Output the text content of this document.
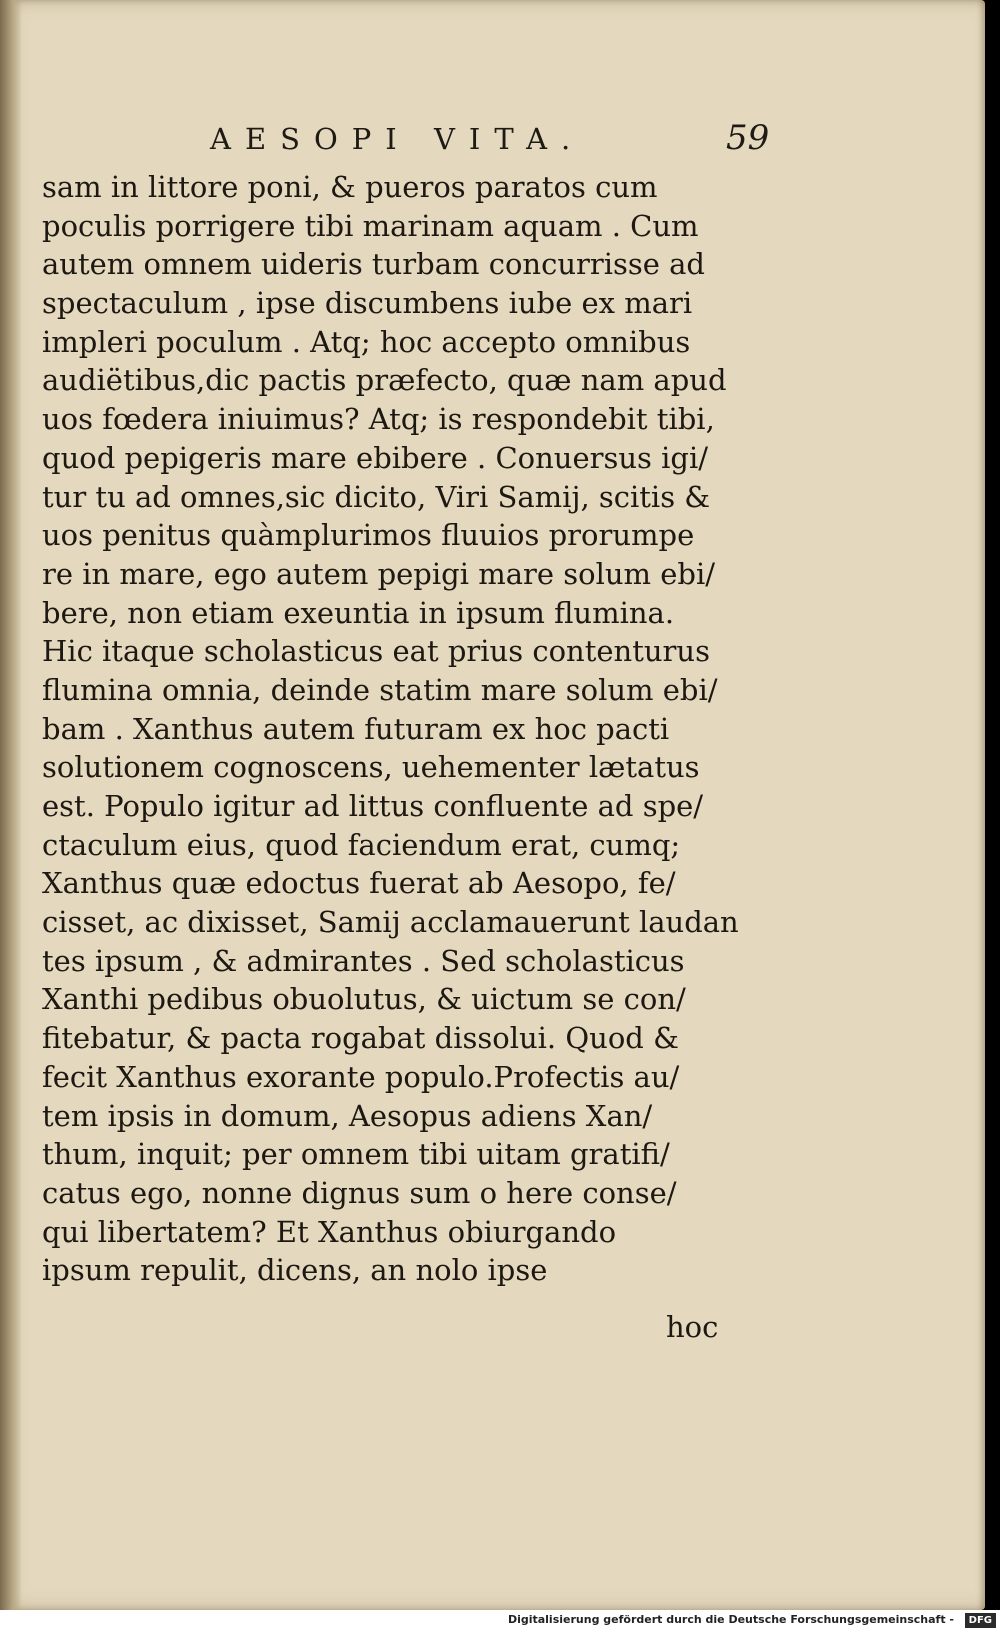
AESOPI VITA.	59
sam in littore poni, & pueros paratos cum
poculis porrigere tibi marinam aquam . Cum
autem omnem uideris turbam concurrisse ad
spectaculum , ipse discumbens iube ex mari
impleri poculum . Atq; hoc accepto omnibus
audiëtibus,dic pactis præfecto, quæ nam apud
uos fœdera iniuimus? Atq; is respondebit tibi,
quod pepigeris mare ebibere . Conuersus igi/
tur tu ad omnes,sic dicito, Viri Samij, scitis &
uos penitus quàmplurimos fluuios prorumpe
re in mare, ego autem pepigi mare solum ebi/
bere, non etiam exeuntia in ipsum flumina.
Hic itaque scholasticus eat prius contenturus
flumina omnia, deinde statim mare solum ebi/
bam . Xanthus autem futuram ex hoc pacti
solutionem cognoscens, uehementer lætatus
est. Populo igitur ad littus confluente ad spe/
ctaculum eius, quod faciendum erat, cumq;
Xanthus quæ edoctus fuerat ab Aesopo, fe/
cisset, ac dixisset, Samij acclamauerunt laudan
tes ipsum , & admirantes . Sed scholasticus
Xanthi pedibus obuolutus, & uictum se con/
fitebatur, & pacta rogabat dissolui. Quod &
fecit Xanthus exorante populo.Profectis au/
tem ipsis in domum, Aesopus adiens Xan/
thum, inquit; per omnem tibi uitam gratifi/
catus ego, nonne dignus sum o here conse/
qui libertatem? Et Xanthus obiurgando
ipsum repulit, dicens, an nolo ipse
hoc
Digitalisierung gefördert durch die Deutsche Forschungsgemeinschaft -	DFG
